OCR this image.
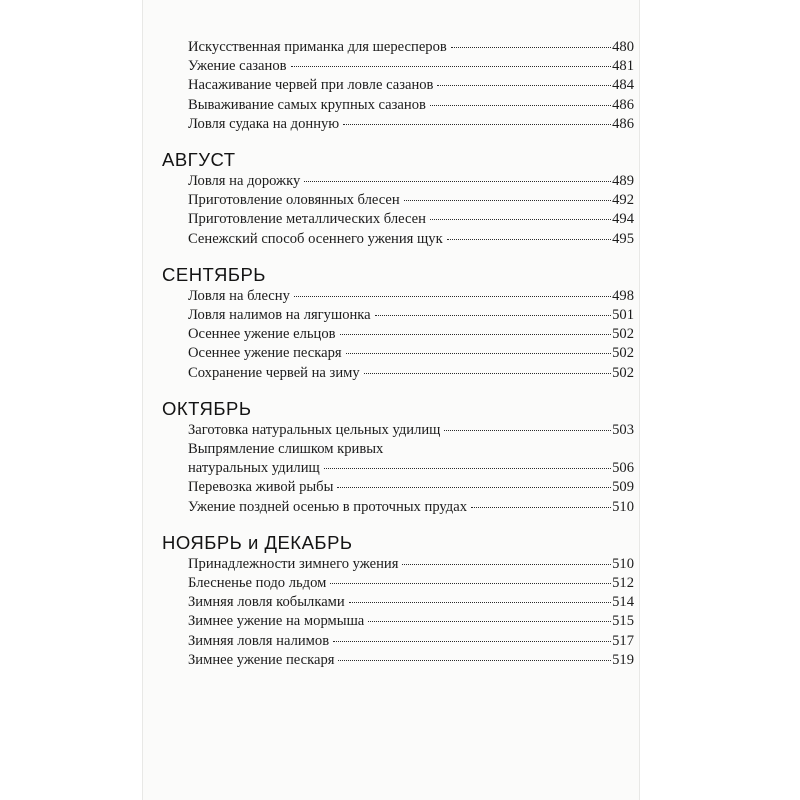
Искусственная приманка для шересперов	480
Ужение сазанов	481
Насаживание червей при ловле сазанов	484
Вываживание самых крупных сазанов	486
Ловля судака на донную	486
АВГУСТ
Ловля на дорожку	489
Приготовление оловянных блесен	492
Приготовление металлических блесен	494
Сенежский способ осеннего ужения щук	495
СЕНТЯБРЬ
Ловля на блесну	498
Ловля налимов на лягушонка	501
Осеннее ужение ельцов	502
Осеннее ужение пескаря	502
Сохранение червей на зиму	502
ОКТЯБРЬ
Заготовка натуральных цельных удилищ	503
Выпрямление слишком кривых
натуральных удилищ	506
Перевозка живой рыбы	509
Ужение поздней осенью в проточных прудах	510
НОЯБРЬ и ДЕКАБРЬ
Принадлежности зимнего ужения	510
Блесненье подо льдом	512
Зимняя ловля кобылками	514
Зимнее ужение на мормыша	515
Зимняя ловля налимов	517
Зимнее ужение пескаря	519
